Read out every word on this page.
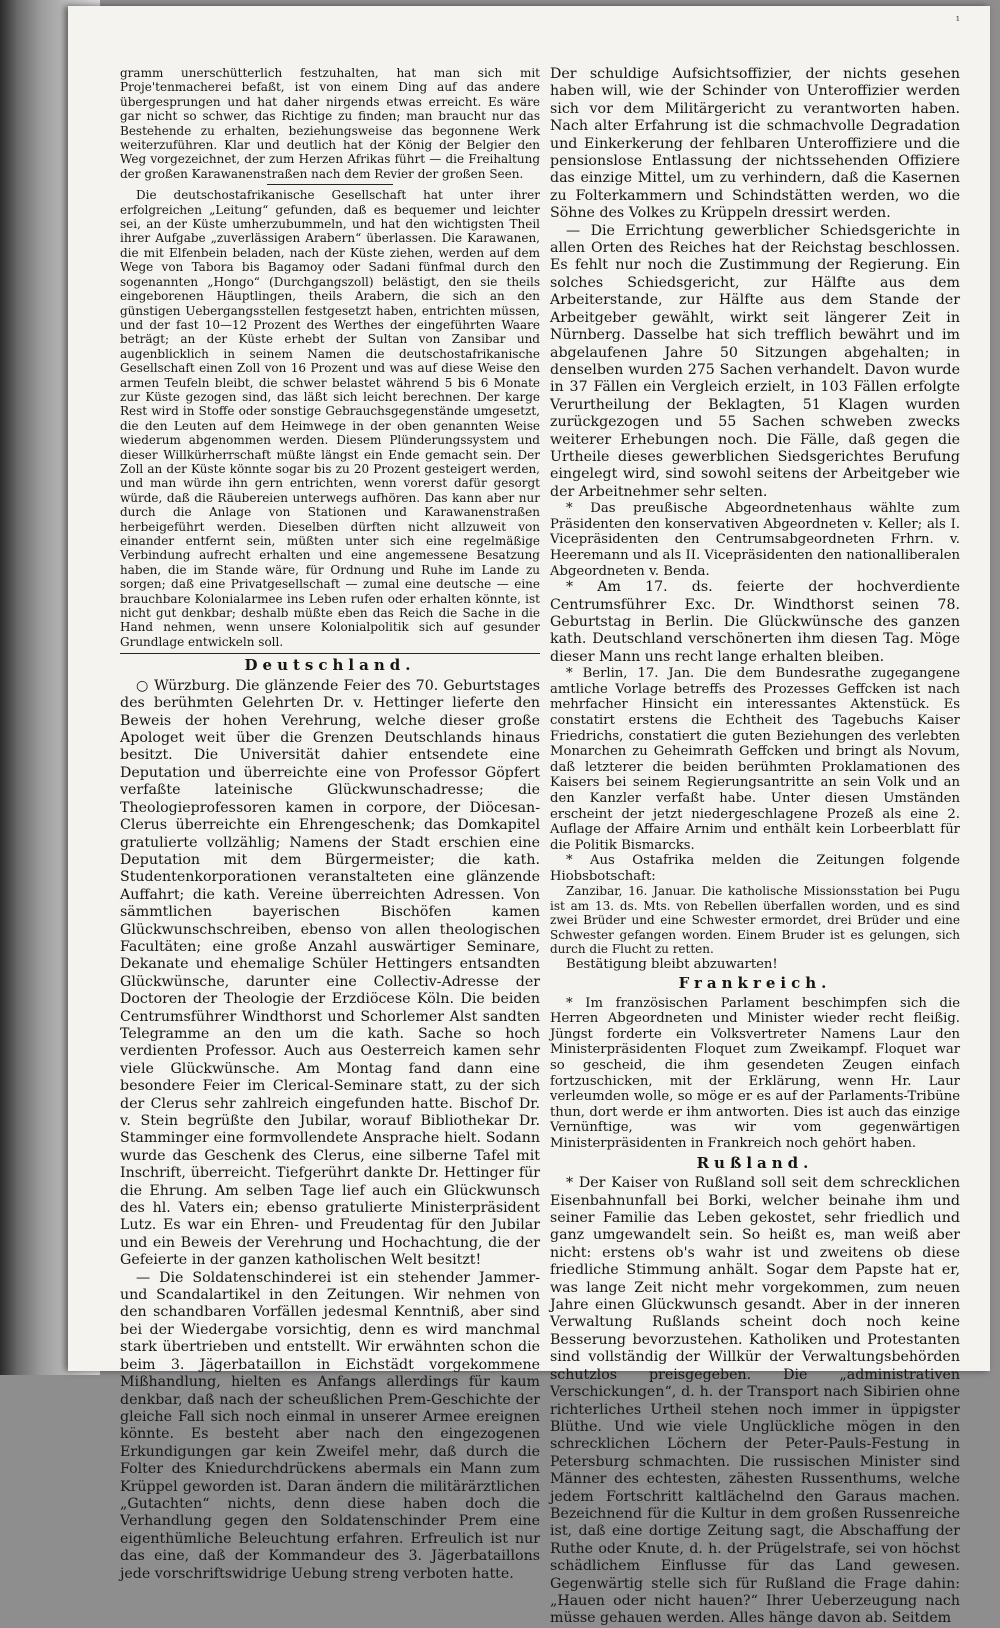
¹

gramm unerschütterlich festzuhalten, hat man sich mit Proje'tenmacherei befaßt, ist von einem Ding auf das andere übergesprungen und hat daher nirgends etwas erreicht. Es wäre gar nicht so schwer, das Richtige zu finden; man braucht nur das Bestehende zu erhalten, beziehungsweise das begonnene Werk weiterzuführen. Klar und deutlich hat der König der Belgier den Weg vorgezeichnet, der zum Herzen Afrikas führt — die Freihaltung der großen Karawanenstraßen nach dem Revier der großen Seen.

Die deutschostafrikanische Gesellschaft hat unter ihrer erfolgreichen „Leitung“ gefunden, daß es bequemer und leichter sei, an der Küste umherzubummeln, und hat den wichtigsten Theil ihrer Aufgabe „zuverlässigen Arabern“ überlassen. Die Karawanen, die mit Elfenbein beladen, nach der Küste ziehen, werden auf dem Wege von Tabora bis Bagamoy oder Sadani fünfmal durch den sogenannten „Hongo“ (Durchgangszoll) belästigt, den sie theils eingeborenen Häuptlingen, theils Arabern, die sich an den günstigen Uebergangsstellen festgesetzt haben, entrichten müssen, und der fast 10—12 Prozent des Werthes der eingeführten Waare beträgt; an der Küste erhebt der Sultan von Zansibar und augenblicklich in seinem Namen die deutschostafrikanische Gesellschaft einen Zoll von 16 Prozent und was auf diese Weise den armen Teufeln bleibt, die schwer belastet während 5 bis 6 Monate zur Küste gezogen sind, das läßt sich leicht berechnen. Der karge Rest wird in Stoffe oder sonstige Gebrauchsgegenstände umgesetzt, die den Leuten auf dem Heimwege in der oben genannten Weise wiederum abgenommen werden. Diesem Plünderungssystem und dieser Willkürherrschaft müßte längst ein Ende gemacht sein. Der Zoll an der Küste könnte sogar bis zu 20 Prozent gesteigert werden, und man würde ihn gern entrichten, wenn vorerst dafür gesorgt würde, daß die Räubereien unterwegs aufhören. Das kann aber nur durch die Anlage von Stationen und Karawanenstraßen herbeigeführt werden. Dieselben dürften nicht allzuweit von einander entfernt sein, müßten unter sich eine regelmäßige Verbindung aufrecht erhalten und eine angemessene Besatzung haben, die im Stande wäre, für Ordnung und Ruhe im Lande zu sorgen; daß eine Privatgesellschaft — zumal eine deutsche — eine brauchbare Kolonialarmee ins Leben rufen oder erhalten könnte, ist nicht gut denkbar; deshalb müßte eben das Reich die Sache in die Hand nehmen, wenn unsere Kolonialpolitik sich auf gesunder Grundlage entwickeln soll.

Deutschland.

○ Würzburg. Die glänzende Feier des 70. Geburtstages des berühmten Gelehrten Dr. v. Hettinger lieferte den Beweis der hohen Verehrung, welche dieser große Apologet weit über die Grenzen Deutschlands hinaus besitzt. Die Universität dahier entsendete eine Deputation und überreichte eine von Professor Göpfert verfaßte lateinische Glückwunschadresse; die Theologieprofessoren kamen in corpore, der Diöcesan-Clerus überreichte ein Ehrengeschenk; das Domkapitel gratulierte vollzählig; Namens der Stadt erschien eine Deputation mit dem Bürgermeister; die kath. Studentenkorporationen veranstalteten eine glänzende Auffahrt; die kath. Vereine überreichten Adressen. Von sämmtlichen bayerischen Bischöfen kamen Glückwunschschreiben, ebenso von allen theologischen Facultäten; eine große Anzahl auswärtiger Seminare, Dekanate und ehemalige Schüler Hettingers entsandten Glückwünsche, darunter eine Collectiv-Adresse der Doctoren der Theologie der Erzdiöcese Köln. Die beiden Centrumsführer Windthorst und Schorlemer Alst sandten Telegramme an den um die kath. Sache so hoch verdienten Professor. Auch aus Oesterreich kamen sehr viele Glückwünsche. Am Montag fand dann eine besondere Feier im Clerical-Seminare statt, zu der sich der Clerus sehr zahlreich eingefunden hatte. Bischof Dr. v. Stein begrüßte den Jubilar, worauf Bibliothekar Dr. Stamminger eine formvollendete Ansprache hielt. Sodann wurde das Geschenk des Clerus, eine silberne Tafel mit Inschrift, überreicht. Tiefgerührt dankte Dr. Hettinger für die Ehrung. Am selben Tage lief auch ein Glückwunsch des hl. Vaters ein; ebenso gratulierte Ministerpräsident Lutz. Es war ein Ehren- und Freudentag für den Jubilar und ein Beweis der Verehrung und Hochachtung, die der Gefeierte in der ganzen katholischen Welt besitzt!

— Die Soldatenschinderei ist ein stehender Jammer- und Scandalartikel in den Zeitungen. Wir nehmen von den schandbaren Vorfällen jedesmal Kenntniß, aber sind bei der Wiedergabe vorsichtig, denn es wird manchmal stark übertrieben und entstellt. Wir erwähnten schon die beim 3. Jägerbataillon in Eichstädt vorgekommene Mißhandlung, hielten es Anfangs allerdings für kaum denkbar, daß nach der scheußlichen Prem-Geschichte der gleiche Fall sich noch einmal in unserer Armee ereignen könnte. Es besteht aber nach den eingezogenen Erkundigungen gar kein Zweifel mehr, daß durch die Folter des Kniedurchdrückens abermals ein Mann zum Krüppel geworden ist. Daran ändern die militärärztlichen „Gutachten“ nichts, denn diese haben doch die Verhandlung gegen den Soldatenschinder Prem eine eigenthümliche Beleuchtung erfahren. Erfreulich ist nur das eine, daß der Kommandeur des 3. Jägerbataillons jede vorschriftswidrige Uebung streng verboten hatte.

Der schuldige Aufsichtsoffizier, der nichts gesehen haben will, wie der Schinder von Unteroffizier werden sich vor dem Militärgericht zu verantworten haben. Nach alter Erfahrung ist die schmachvolle Degradation und Einkerkerung der fehlbaren Unteroffiziere und die pensionslose Entlassung der nichtssehenden Offiziere das einzige Mittel, um zu verhindern, daß die Kasernen zu Folterkammern und Schindstätten werden, wo die Söhne des Volkes zu Krüppeln dressirt werden.

— Die Errichtung gewerblicher Schiedsgerichte in allen Orten des Reiches hat der Reichstag beschlossen. Es fehlt nur noch die Zustimmung der Regierung. Ein solches Schiedsgericht, zur Hälfte aus dem Arbeiterstande, zur Hälfte aus dem Stande der Arbeitgeber gewählt, wirkt seit längerer Zeit in Nürnberg. Dasselbe hat sich trefflich bewährt und im abgelaufenen Jahre 50 Sitzungen abgehalten; in denselben wurden 275 Sachen verhandelt. Davon wurde in 37 Fällen ein Vergleich erzielt, in 103 Fällen erfolgte Verurtheilung der Beklagten, 51 Klagen wurden zurückgezogen und 55 Sachen schweben zwecks weiterer Erhebungen noch. Die Fälle, daß gegen die Urtheile dieses gewerblichen Siedsgerichtes Berufung eingelegt wird, sind sowohl seitens der Arbeitgeber wie der Arbeitnehmer sehr selten.

* Das preußische Abgeordnetenhaus wählte zum Präsidenten den konservativen Abgeordneten v. Keller; als I. Vicepräsidenten den Centrumsabgeordneten Frhrn. v. Heeremann und als II. Vicepräsidenten den nationalliberalen Abgeordneten v. Benda.

* Am 17. ds. feierte der hochverdiente Centrumsführer Exc. Dr. Windthorst seinen 78. Geburtstag in Berlin. Die Glückwünsche des ganzen kath. Deutschland verschönerten ihm diesen Tag. Möge dieser Mann uns recht lange erhalten bleiben.

* Berlin, 17. Jan. Die dem Bundesrathe zugegangene amtliche Vorlage betreffs des Prozesses Geffcken ist nach mehrfacher Hinsicht ein interessantes Aktenstück. Es constatirt erstens die Echtheit des Tagebuchs Kaiser Friedrichs, constatiert die guten Beziehungen des verlebten Monarchen zu Geheimrath Geffcken und bringt als Novum, daß letzterer die beiden berühmten Proklamationen des Kaisers bei seinem Regierungsantritte an sein Volk und an den Kanzler verfaßt habe. Unter diesen Umständen erscheint der jetzt niedergeschlagene Prozeß als eine 2. Auflage der Affaire Arnim und enthält kein Lorbeerblatt für die Politik Bismarcks.

* Aus Ostafrika melden die Zeitungen folgende Hiobsbotschaft:

Zanzibar, 16. Januar. Die katholische Missionsstation bei Pugu ist am 13. ds. Mts. von Rebellen überfallen worden, und es sind zwei Brüder und eine Schwester ermordet, drei Brüder und eine Schwester gefangen worden. Einem Bruder ist es gelungen, sich durch die Flucht zu retten.

Bestätigung bleibt abzuwarten!

Frankreich.

* Im französischen Parlament beschimpfen sich die Herren Abgeordneten und Minister wieder recht fleißig. Jüngst forderte ein Volksvertreter Namens Laur den Ministerpräsidenten Floquet zum Zweikampf. Floquet war so gescheid, die ihm gesendeten Zeugen einfach fortzuschicken, mit der Erklärung, wenn Hr. Laur verleumden wolle, so möge er es auf der Parlaments-Tribüne thun, dort werde er ihm antworten. Dies ist auch das einzige Vernünftige, was wir vom gegenwärtigen Ministerpräsidenten in Frankreich noch gehört haben.

Rußland.

* Der Kaiser von Rußland soll seit dem schrecklichen Eisenbahnunfall bei Borki, welcher beinahe ihm und seiner Familie das Leben gekostet, sehr friedlich und ganz umgewandelt sein. So heißt es, man weiß aber nicht: erstens ob's wahr ist und zweitens ob diese friedliche Stimmung anhält. Sogar dem Papste hat er, was lange Zeit nicht mehr vorgekommen, zum neuen Jahre einen Glückwunsch gesandt. Aber in der inneren Verwaltung Rußlands scheint doch noch keine Besserung bevorzustehen. Katholiken und Protestanten sind vollständig der Willkür der Verwaltungsbehörden schutzlos preisgegeben. Die „administrativen Verschickungen“, d. h. der Transport nach Sibirien ohne richterliches Urtheil stehen noch immer in üppigster Blüthe. Und wie viele Unglückliche mögen in den schrecklichen Löchern der Peter-Pauls-Festung in Petersburg schmachten. Die russischen Minister sind Männer des echtesten, zähesten Russenthums, welche jedem Fortschritt kaltlächelnd den Garaus machen. Bezeichnend für die Kultur in dem großen Russenreiche ist, daß eine dortige Zeitung sagt, die Abschaffung der Ruthe oder Knute, d. h. der Prügelstrafe, sei von höchst schädlichem Einflusse für das Land gewesen. Gegenwärtig stelle sich für Rußland die Frage dahin: „Hauen oder nicht hauen?“ Ihrer Ueberzeugung nach müsse gehauen werden. Alles hänge davon ab. Seitdem
